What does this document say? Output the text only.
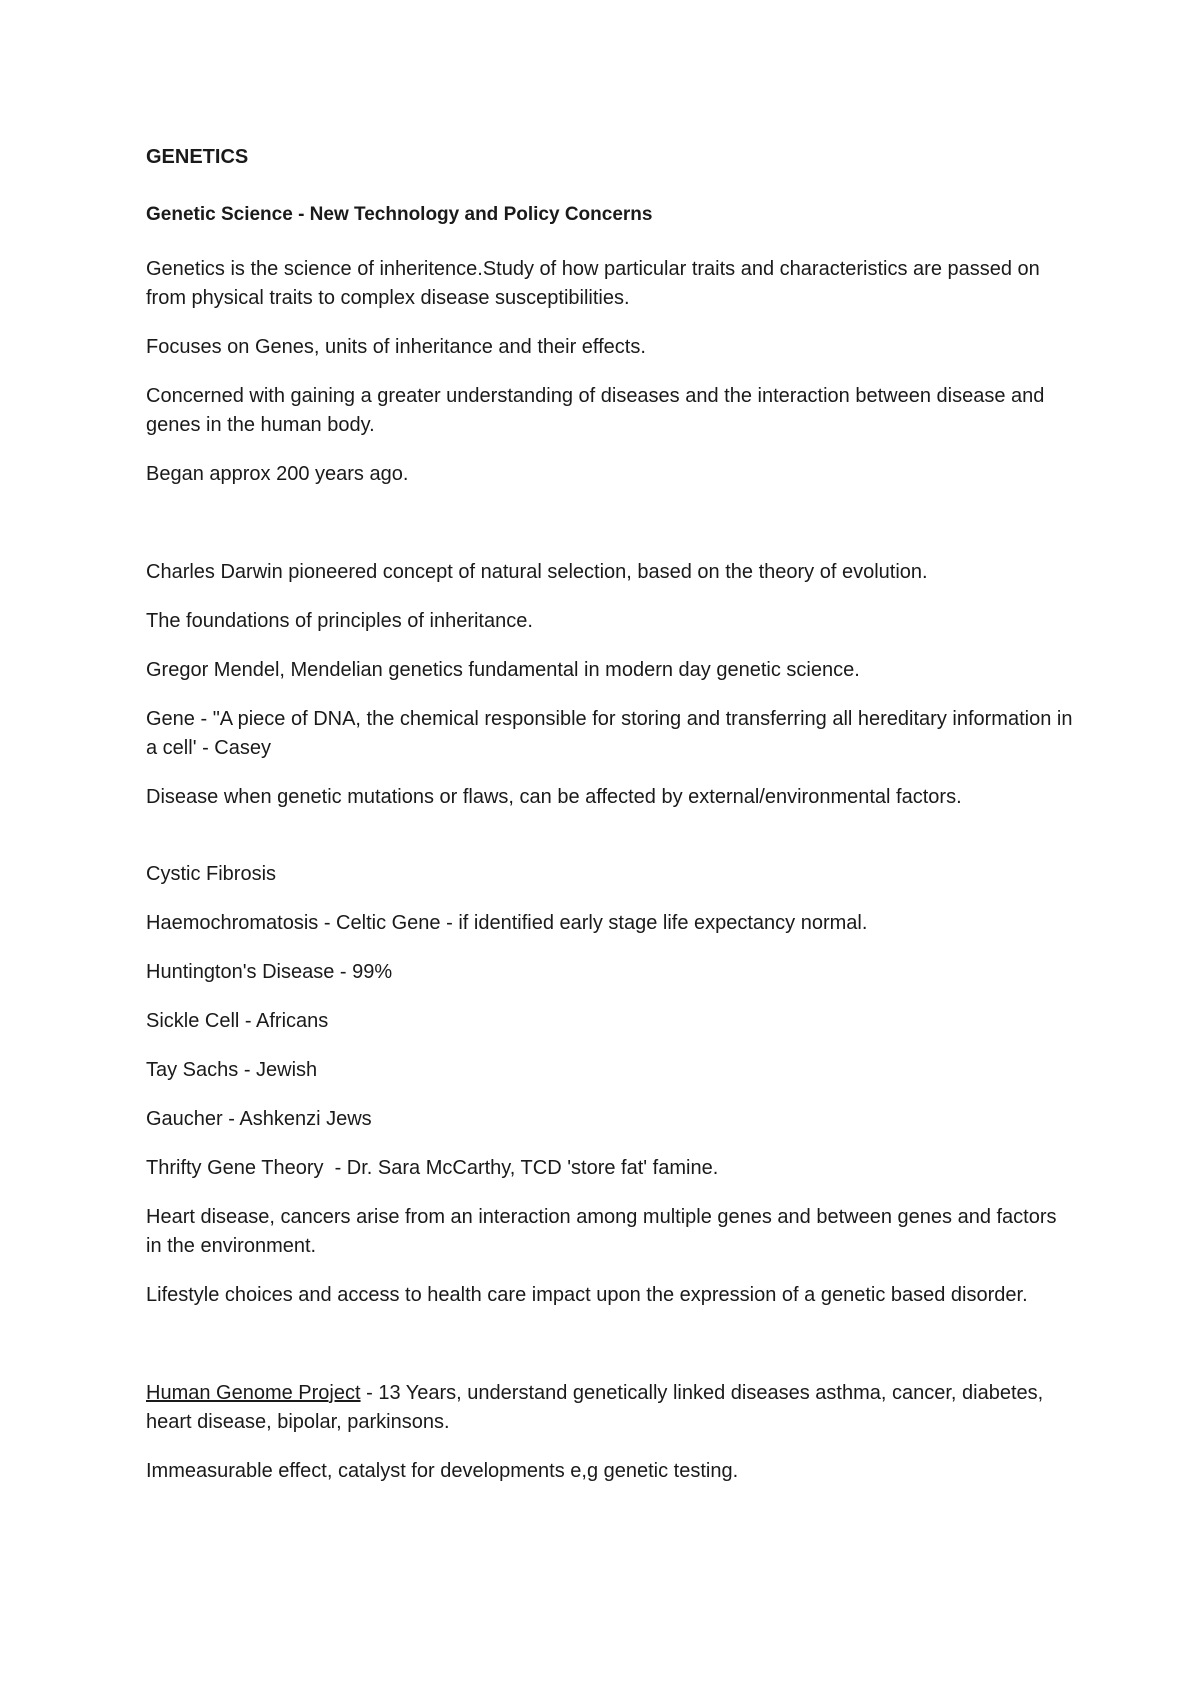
GENETICS
Genetic Science - New Technology and Policy Concerns

Genetics is the science of inheritence.Study of how particular traits and characteristics are passed on from physical traits to complex disease susceptibilities.

Focuses on Genes, units of inheritance and their effects.

Concerned with gaining a greater understanding of diseases and the interaction between disease and genes in the human body.

Began approx 200 years ago.

Charles Darwin pioneered concept of natural selection, based on the theory of evolution.

The foundations of principles of inheritance.

Gregor Mendel, Mendelian genetics fundamental in modern day genetic science.

Gene - "A piece of DNA, the chemical responsible for storing and transferring all hereditary information in a cell' - Casey

Disease when genetic mutations or flaws, can be affected by external/environmental factors.

Cystic Fibrosis

Haemochromatosis - Celtic Gene - if identified early stage life expectancy normal.

Huntington's Disease - 99%

Sickle Cell - Africans

Tay Sachs - Jewish

Gaucher - Ashkenzi Jews

Thrifty Gene Theory  - Dr. Sara McCarthy, TCD 'store fat' famine.

Heart disease, cancers arise from an interaction among multiple genes and between genes and factors in the environment.

Lifestyle choices and access to health care impact upon the expression of a genetic based disorder.

Human Genome Project - 13 Years, understand genetically linked diseases asthma, cancer, diabetes, heart disease, bipolar, parkinsons.

Immeasurable effect, catalyst for developments e,g genetic testing.
